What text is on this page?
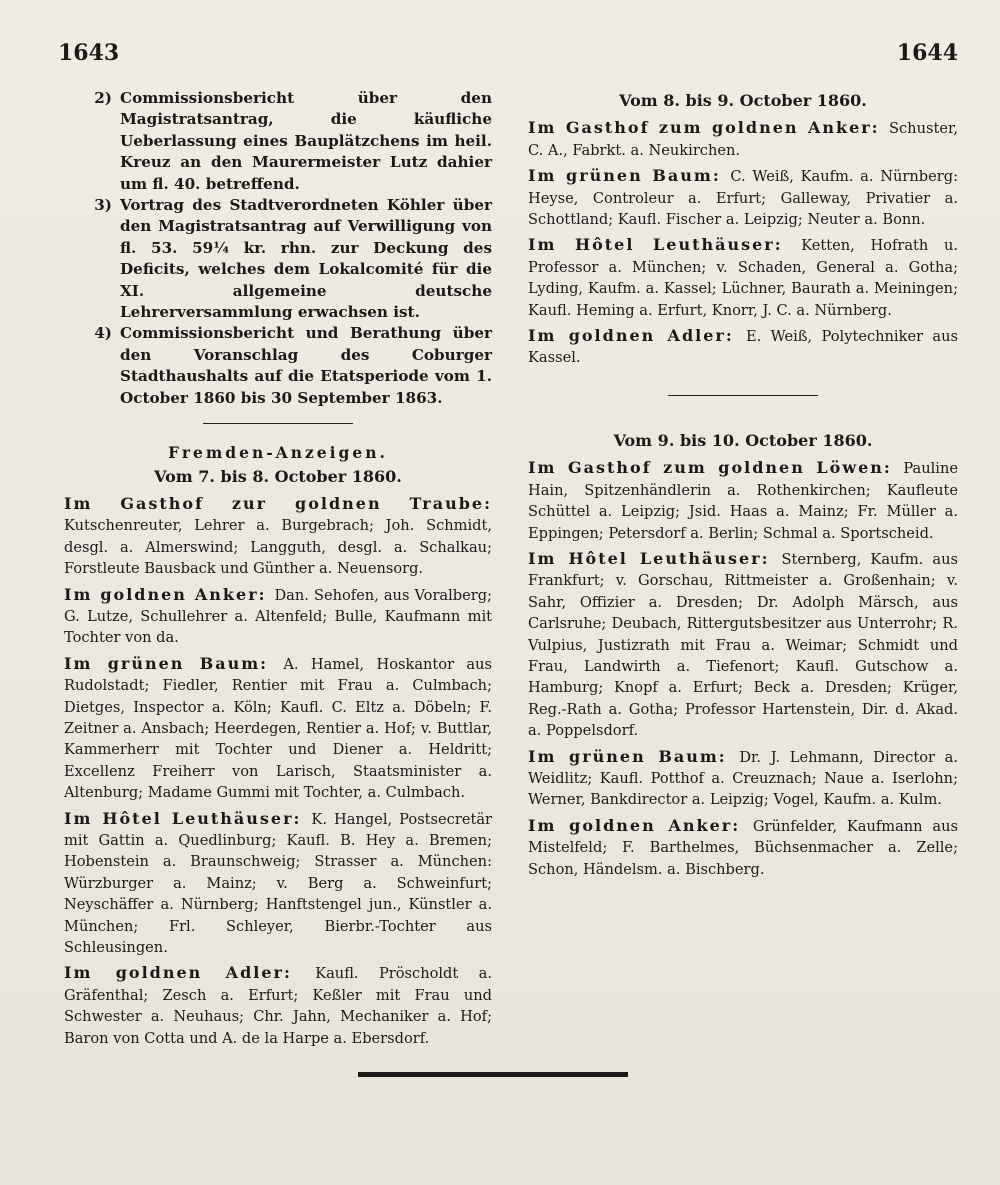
1643	1644
2) Commissionsbericht über den Magistratsantrag, die käufliche Ueberlassung eines Bauplätzchens im heil. Kreuz an den Maurermeister Lutz dahier um fl. 40. betreffend.
3) Vortrag des Stadtverordneten Köhler über den Magistratsantrag auf Verwilligung von fl. 53. 59¼ kr. rhn. zur Deckung des Deficits, welches dem Lokalcomité für die XI. allgemeine deutsche Lehrerversammlung erwachsen ist.
4) Commissionsbericht und Berathung über den Voranschlag des Coburger Stadthaushalts auf die Etatsperiode vom 1. October 1860 bis 30 September 1863.
Fremden-Anzeigen.
Vom 7. bis 8. October 1860.

Im Gasthof zur goldnen Traube: Kutschenreuter, Lehrer a. Burgebrach; Joh. Schmidt, desgl. a. Almerswind; Langguth, desgl. a. Schalkau; Forstleute Bausback und Günther a. Neuensorg.

Im goldnen Anker: Dan. Sehofen, aus Voralberg; G. Lutze, Schullehrer a. Altenfeld; Bulle, Kaufmann mit Tochter von da.

Im grünen Baum: A. Hamel, Hoskantor aus Rudolstadt; Fiedler, Rentier mit Frau a. Culmbach; Dietges, Inspector a. Köln; Kaufl. C. Eltz a. Döbeln; F. Zeitner a. Ansbach; Heerdegen, Rentier a. Hof; v. Buttlar, Kammerherr mit Tochter und Diener a. Heldritt; Excellenz Freiherr von Larisch, Staatsminister a. Altenburg; Madame Gummi mit Tochter, a. Culmbach.

Im Hôtel Leuthäuser: K. Hangel, Postsecretär mit Gattin a. Quedlinburg; Kaufl. B. Hey a. Bremen; Hobenstein a. Braunschweig; Strasser a. München: Würzburger a. Mainz; v. Berg a. Schweinfurt; Neyschäffer a. Nürnberg; Hanftstengel jun., Künstler a. München; Frl. Schleyer, Bierbr.-Tochter aus Schleusingen.

Im goldnen Adler: Kaufl. Pröscholdt a. Gräfenthal; Zesch a. Erfurt; Keßler mit Frau und Schwester a. Neuhaus; Chr. Jahn, Mechaniker a. Hof; Baron von Cotta und A. de la Harpe a. Ebersdorf.

Vom 8. bis 9. October 1860.

Im Gasthof zum goldnen Anker: Schuster, C. A., Fabrkt. a. Neukirchen.

Im grünen Baum: C. Weiß, Kaufm. a. Nürnberg: Heyse, Controleur a. Erfurt; Galleway, Privatier a. Schottland; Kaufl. Fischer a. Leipzig; Neuter a. Bonn.

Im Hôtel Leuthäuser: Ketten, Hofrath u. Professor a. München; v. Schaden, General a. Gotha; Lyding, Kaufm. a. Kassel; Lüchner, Baurath a. Meiningen; Kaufl. Heming a. Erfurt, Knorr, J. C. a. Nürnberg.

Im goldnen Adler: E. Weiß, Polytechniker aus Kassel.

Vom 9. bis 10. October 1860.

Im Gasthof zum goldnen Löwen: Pauline Hain, Spitzenhändlerin a. Rothenkirchen; Kaufleute Schüttel a. Leipzig; Jsid. Haas a. Mainz; Fr. Müller a. Eppingen; Petersdorf a. Berlin; Schmal a. Sportscheid.

Im Hôtel Leuthäuser: Sternberg, Kaufm. aus Frankfurt; v. Gorschau, Rittmeister a. Großenhain; v. Sahr, Offizier a. Dresden; Dr. Adolph Märsch, aus Carlsruhe; Deubach, Rittergutsbesitzer aus Unterrohr; R. Vulpius, Justizrath mit Frau a. Weimar; Schmidt und Frau, Landwirth a. Tiefenort; Kaufl. Gutschow a. Hamburg; Knopf a. Erfurt; Beck a. Dresden; Krüger, Reg.-Rath a. Gotha; Professor Hartenstein, Dir. d. Akad. a. Poppelsdorf.

Im grünen Baum: Dr. J. Lehmann, Director a. Weidlitz; Kaufl. Potthof a. Creuznach; Naue a. Iserlohn; Werner, Bankdirector a. Leipzig; Vogel, Kaufm. a. Kulm.

Im goldnen Anker: Grünfelder, Kaufmann aus Mistelfeld; F. Barthelmes, Büchsenmacher a. Zelle; Schon, Händelsm. a. Bischberg.
